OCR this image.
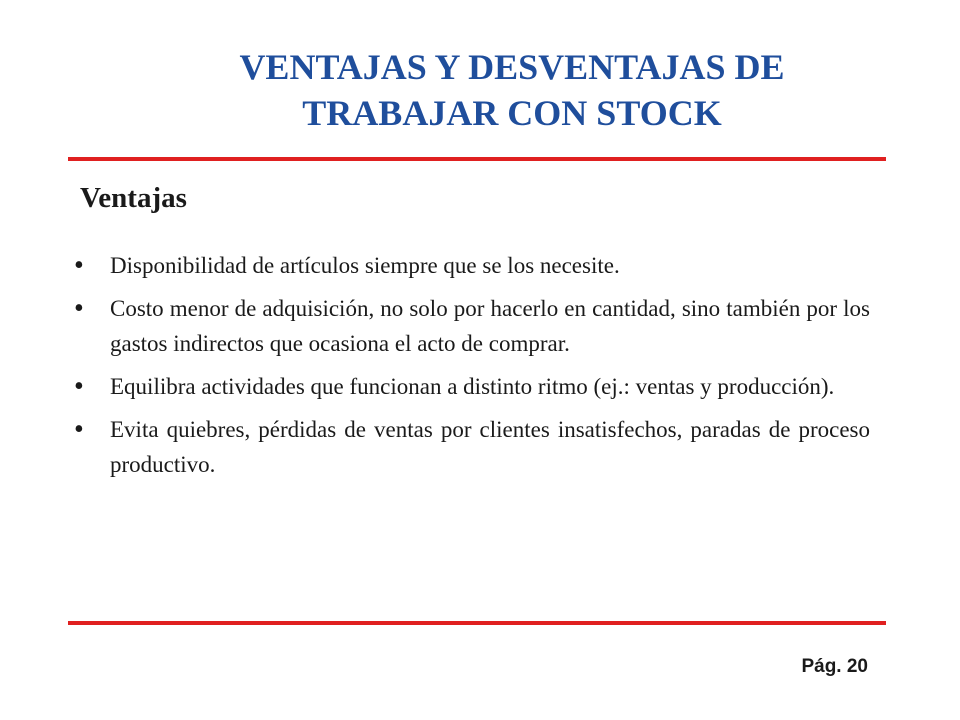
VENTAJAS Y DESVENTAJAS DE
TRABAJAR CON STOCK
Ventajas
• Disponibilidad de artículos siempre que se los necesite.
• Costo menor de adquisición, no solo por hacerlo en cantidad, sino también por los gastos indirectos que ocasiona el acto de comprar.
• Equilibra actividades que funcionan a distinto ritmo (ej.: ventas y producción).
• Evita quiebres, pérdidas de ventas por clientes insatisfechos, paradas de proceso productivo.
Pág. 20
